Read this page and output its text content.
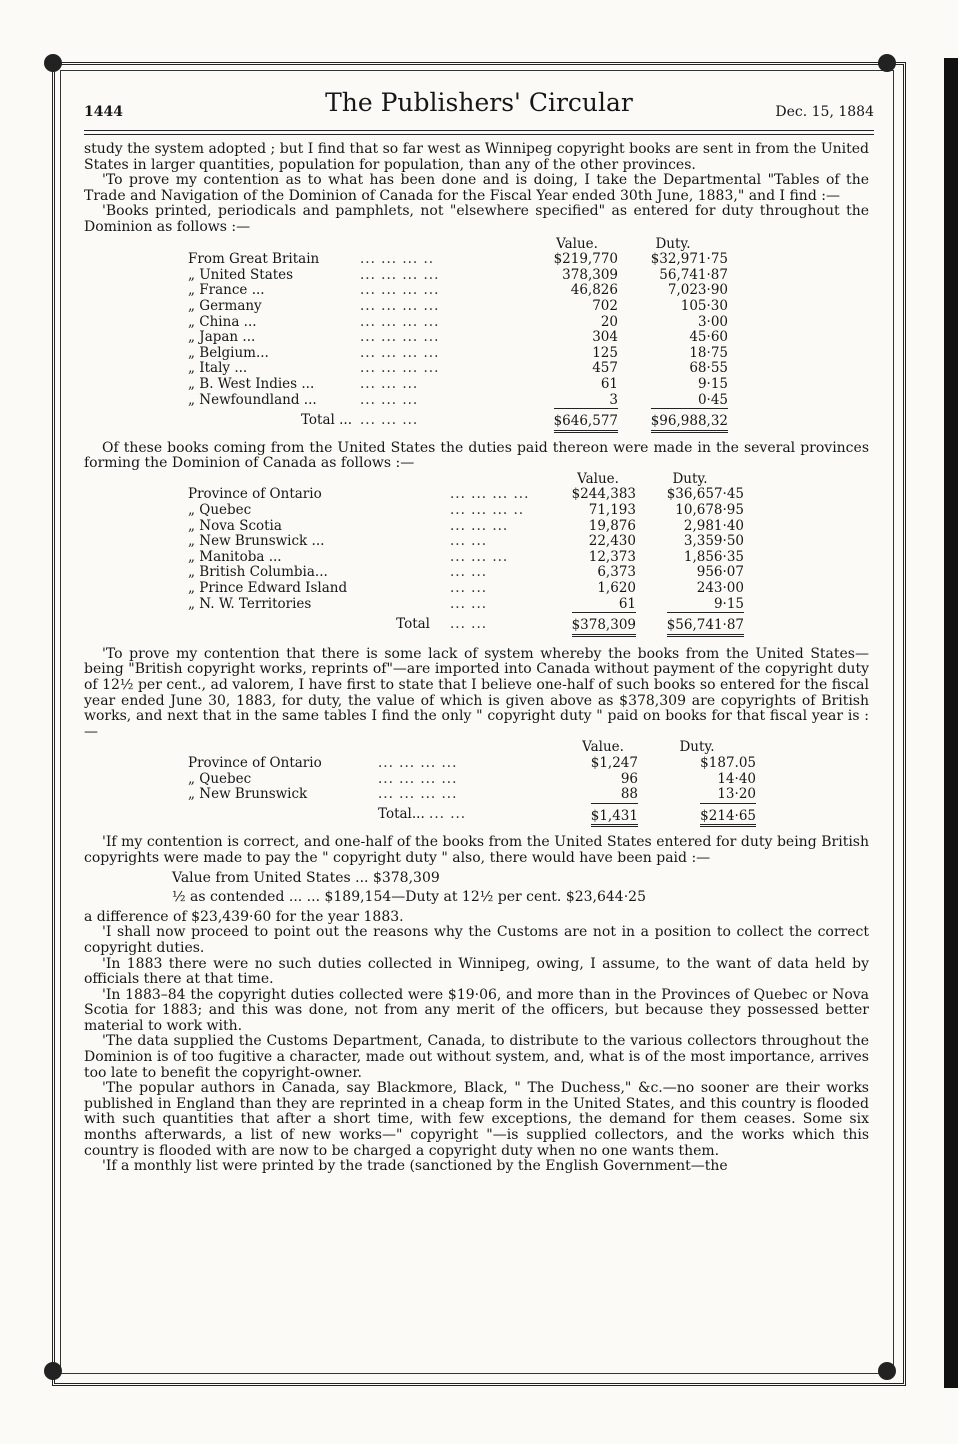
1444	The Publishers' Circular	Dec. 15, 1884

study the system adopted ; but I find that so far west as Winnipeg copyright books are sent in from the United States in larger quantities, population for population, than any of the other provinces.

'To prove my contention as to what has been done and is doing, I take the Departmental "Tables of the Trade and Navigation of the Dominion of Canada for the Fiscal Year ended 30th June, 1883," and I find :—

'Books printed, periodicals and pamphlets, not "elsewhere specified" as entered for duty throughout the Dominion as follows :—

		Value.	Duty.
From Great Britain	... ... ... ..	$219,770	$32,971·75
„ United States	... ... ... ...	378,309	56,741·87
„ France ...	... ... ... ...	46,826	7,023·90
„ Germany	... ... ... ...	702	105·30
„ China ...	... ... ... ...	20	3·00
„ Japan ...	... ... ... ...	304	45·60
„ Belgium...	... ... ... ...	125	18·75
„ Italy ...	... ... ... ...	457	68·55
„ B. West Indies ...	... ... ...	61	9·15
„ Newfoundland ...	... ... ...	3	0·45
Total ...	... ... ...	$646,577	$96,988,32

Of these books coming from the United States the duties paid thereon were made in the several provinces forming the Dominion of Canada as follows :—

		Value.	Duty.
Province of Ontario	... ... ... ...	$244,383	$36,657·45
„ Quebec	... ... ... ..	71,193	10,678·95
„ Nova Scotia	... ... ...	19,876	2,981·40
„ New Brunswick ...	... ...	22,430	3,359·50
„ Manitoba ...	... ... ...	12,373	1,856·35
„ British Columbia...	... ...	6,373	956·07
„ Prince Edward Island	... ...	1,620	243·00
„ N. W. Territories	... ...	61	9·15
Total	... ...	$378,309	$56,741·87

'To prove my contention that there is some lack of system whereby the books from the United States—being "British copyright works, reprints of"—are imported into Canada without payment of the copyright duty of 12½ per cent., ad valorem, I have first to state that I believe one-half of such books so entered for the fiscal year ended June 30, 1883, for duty, the value of which is given above as $378,309 are copyrights of British works, and next that in the same tables I find the only " copyright duty " paid on books for that fiscal year is :—

		Value.	Duty.
Province of Ontario	... ... ... ...	$1,247	$187.05
„ Quebec	... ... ... ...	96	14·40
„ New Brunswick	... ... ... ...	88	13·20
	Total... ... ...	$1,431	$214·65

'If my contention is correct, and one-half of the books from the United States entered for duty being British copyrights were made to pay the " copyright duty " also, there would have been paid :—

Value from United States ... $378,309
½ as contended ... ... $189,154—Duty at 12½ per cent. $23,644·25

a difference of $23,439·60 for the year 1883.

'I shall now proceed to point out the reasons why the Customs are not in a position to collect the correct copyright duties.

'In 1883 there were no such duties collected in Winnipeg, owing, I assume, to the want of data held by officials there at that time.

'In 1883–84 the copyright duties collected were $19·06, and more than in the Provinces of Quebec or Nova Scotia for 1883; and this was done, not from any merit of the officers, but because they possessed better material to work with.

'The data supplied the Customs Department, Canada, to distribute to the various collectors throughout the Dominion is of too fugitive a character, made out without system, and, what is of the most importance, arrives too late to benefit the copyright-owner.

'The popular authors in Canada, say Blackmore, Black, " The Duchess," &c.—no sooner are their works published in England than they are reprinted in a cheap form in the United States, and this country is flooded with such quantities that after a short time, with few exceptions, the demand for them ceases. Some six months afterwards, a list of new works—" copyright "—is supplied collectors, and the works which this country is flooded with are now to be charged a copyright duty when no one wants them.

'If a monthly list were printed by the trade (sanctioned by the English Government—the
